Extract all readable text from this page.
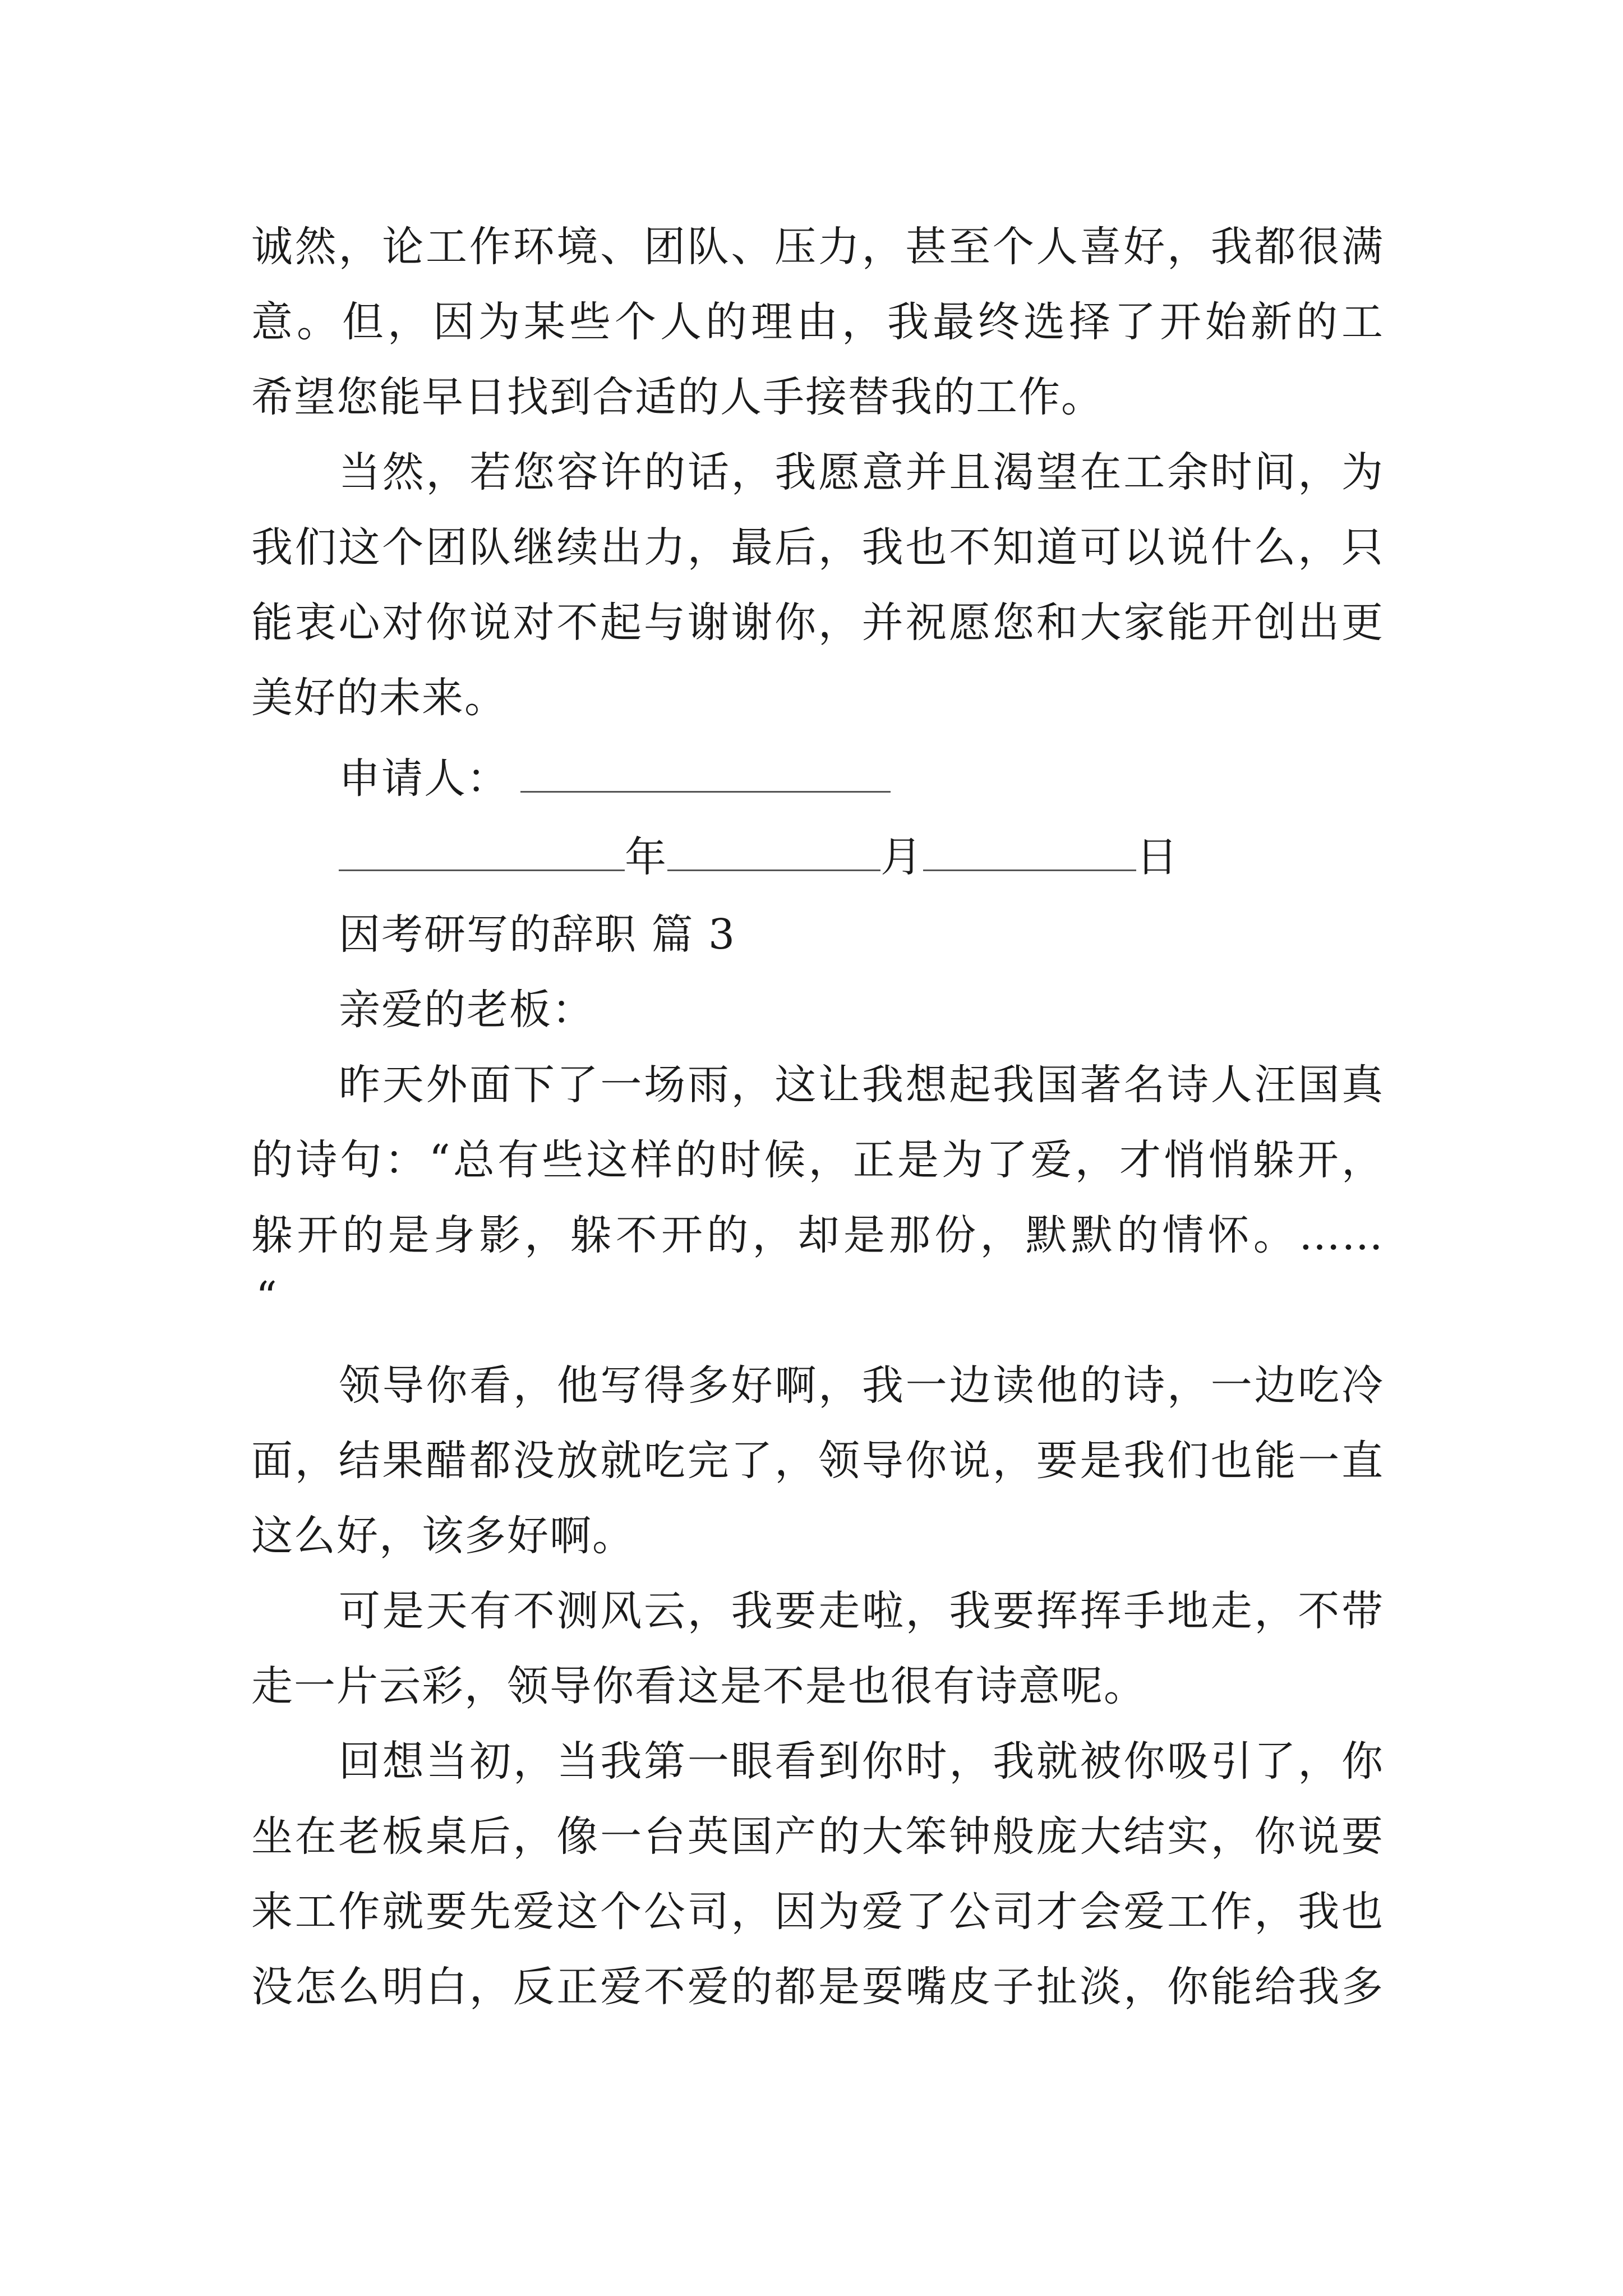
诚然，论工作环境、团队、压力，甚至个人喜好，我都很满
意。但，因为某些个人的理由，我最终选择了开始新的工
希望您能早日找到合适的人手接替我的工作。
当然，若您容许的话，我愿意并且渴望在工余时间，为
我们这个团队继续出力，最后，我也不知道可以说什么，只
能衷心对你说对不起与谢谢你，并祝愿您和大家能开创出更
美好的未来。
申请人：
年	月	日
因考研写的辞职 篇 3
亲爱的老板：
昨天外面下了一场雨，这让我想起我国著名诗人汪国真
的诗句：“总有些这样的时候，正是为了爱，才悄悄躲开，
躲开的是身影，躲不开的，却是那份，默默的情怀。……
“
领导你看，他写得多好啊，我一边读他的诗，一边吃冷
面，结果醋都没放就吃完了，领导你说，要是我们也能一直
这么好，该多好啊。
可是天有不测风云，我要走啦，我要挥挥手地走，不带
走一片云彩，领导你看这是不是也很有诗意呢。
回想当初，当我第一眼看到你时，我就被你吸引了，你
坐在老板桌后，像一台英国产的大笨钟般庞大结实，你说要
来工作就要先爱这个公司，因为爱了公司才会爱工作，我也
没怎么明白，反正爱不爱的都是耍嘴皮子扯淡，你能给我多
